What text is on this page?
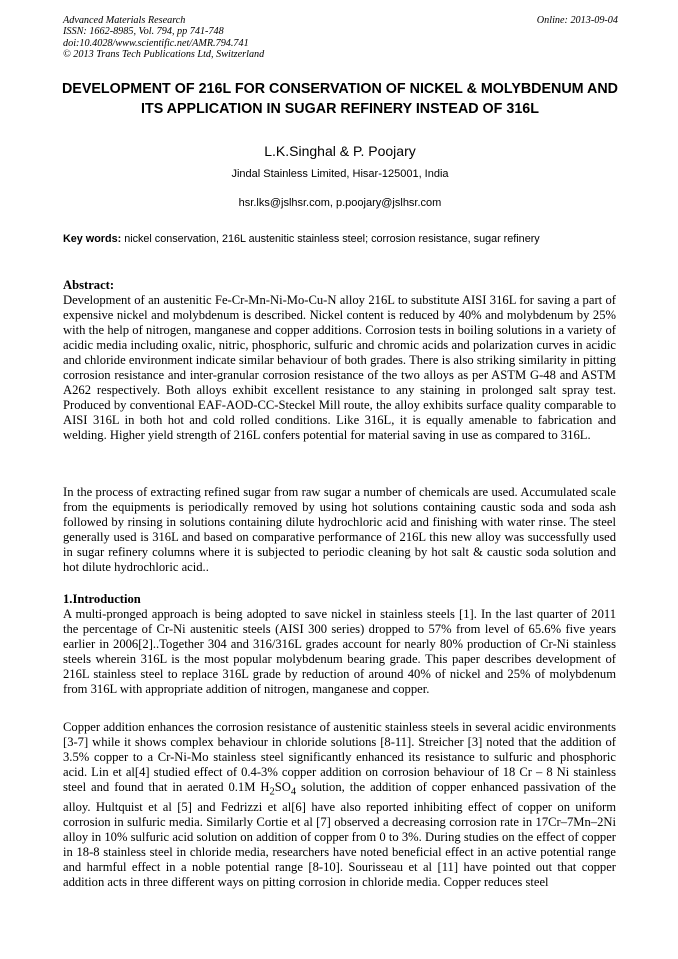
Advanced Materials Research
ISSN: 1662-8985, Vol. 794, pp 741-748
doi:10.4028/www.scientific.net/AMR.794.741
© 2013 Trans Tech Publications Ltd, Switzerland
Online: 2013-09-04
DEVELOPMENT OF 216L FOR CONSERVATION OF NICKEL & MOLYBDENUM AND ITS APPLICATION IN SUGAR REFINERY INSTEAD OF 316L
L.K.Singhal & P. Poojary
Jindal Stainless Limited, Hisar-125001, India
hsr.lks@jslhsr.com, p.poojary@jslhsr.com
Key words: nickel conservation, 216L austenitic stainless steel; corrosion resistance, sugar refinery
Abstract:

Development of an austenitic Fe-Cr-Mn-Ni-Mo-Cu-N alloy 216L to substitute AISI 316L for saving a part of expensive nickel and molybdenum is described. Nickel content is reduced by 40% and molybdenum by 25% with the help of nitrogen, manganese and copper additions. Corrosion tests in boiling solutions in a variety of acidic media including oxalic, nitric, phosphoric, sulfuric and chromic acids and polarization curves in acidic and chloride environment indicate similar behaviour of both grades. There is also striking similarity in pitting corrosion resistance and inter-granular corrosion resistance of the two alloys as per ASTM G-48 and ASTM A262 respectively. Both alloys exhibit excellent resistance to any staining in prolonged salt spray test. Produced by conventional EAF-AOD-CC-Steckel Mill route, the alloy exhibits surface quality comparable to AISI 316L in both hot and cold rolled conditions. Like 316L, it is equally amenable to fabrication and welding. Higher yield strength of 216L confers potential for material saving in use as compared to 316L.

In the process of extracting refined sugar from raw sugar a number of chemicals are used. Accumulated scale from the equipments is periodically removed by using hot solutions containing caustic soda and soda ash followed by rinsing in solutions containing dilute hydrochloric acid and finishing with water rinse. The steel generally used is 316L and based on comparative performance of 216L this new alloy was successfully used in sugar refinery columns where it is subjected to periodic cleaning by hot salt & caustic soda solution and hot dilute hydrochloric acid..

1.Introduction

A multi-pronged approach is being adopted to save nickel in stainless steels [1]. In the last quarter of 2011 the percentage of Cr-Ni austenitic steels (AISI 300 series) dropped to 57% from level of 65.6% five years earlier in 2006[2]..Together 304 and 316/316L grades account for nearly 80% production of Cr-Ni stainless steels wherein 316L is the most popular molybdenum bearing grade. This paper describes development of 216L stainless steel to replace 316L grade by reduction of around 40% of nickel and 25% of molybdenum from 316L with appropriate addition of nitrogen, manganese and copper.

Copper addition enhances the corrosion resistance of austenitic stainless steels in several acidic environments [3-7] while it shows complex behaviour in chloride solutions [8-11]. Streicher [3] noted that the addition of 3.5% copper to a Cr-Ni-Mo stainless steel significantly enhanced its resistance to sulfuric and phosphoric acid. Lin et al[4] studied effect of 0.4-3% copper addition on corrosion behaviour of 18 Cr – 8 Ni stainless steel and found that in aerated 0.1M $H_2SO_4$ solution, the addition of copper enhanced passivation of the alloy. Hultquist et al [5] and Fedrizzi et al[6] have also reported inhibiting effect of copper on uniform corrosion in sulfuric media. Similarly Cortie et al [7] observed a decreasing corrosion rate in 17Cr–7Mn–2Ni alloy in 10% sulfuric acid solution on addition of copper from 0 to 3%. During studies on the effect of copper in 18-8 stainless steel in chloride media, researchers have noted beneficial effect in an active potential range and harmful effect in a noble potential range [8-10]. Sourisseau et al [11] have pointed out that copper addition acts in three different ways on pitting corrosion in chloride media. Copper reduces steel
